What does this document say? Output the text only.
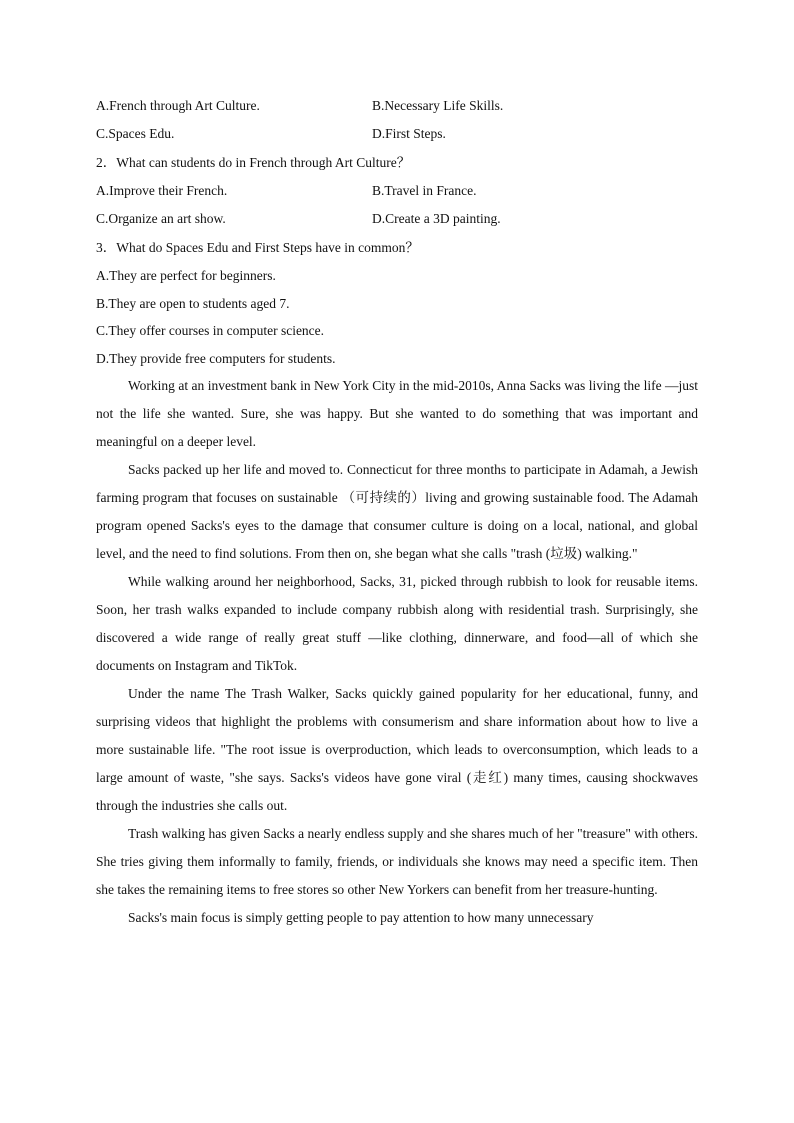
A.French through Art Culture.	B.Necessary Life Skills.
C.Spaces Edu.	D.First Steps.
2．What can students do in French through Art Culture？
A.Improve their French.	B.Travel in France.
C.Organize an art show.	D.Create a 3D painting.
3．What do Spaces Edu and First Steps have in common？
A.They are perfect for beginners.
B.They are open to students aged 7.
C.They offer courses in computer science.
D.They provide free computers for students.

Working at an investment bank in New York City in the mid-2010s, Anna Sacks was living the life —just not the life she wanted. Sure, she was happy. But she wanted to do something that was important and meaningful on a deeper level.

Sacks packed up her life and moved to. Connecticut for three months to participate in Adamah, a Jewish farming program that focuses on sustainable （可持续的）living and growing sustainable food. The Adamah program opened Sacks's eyes to the damage that consumer culture is doing on a local, national, and global level, and the need to find solutions. From then on, she began what she calls "trash (垃圾) walking."

While walking around her neighborhood, Sacks, 31, picked through rubbish to look for reusable items. Soon, her trash walks expanded to include company rubbish along with residential trash. Surprisingly, she discovered a wide range of really great stuff —like clothing, dinnerware, and food—all of which she documents on Instagram and TikTok.

Under the name The Trash Walker, Sacks quickly gained popularity for her educational, funny, and surprising videos that highlight the problems with consumerism and share information about how to live a more sustainable life. "The root issue is overproduction, which leads to overconsumption, which leads to a large amount of waste, "she says. Sacks's videos have gone viral (走红) many times, causing shockwaves through the industries she calls out.

Trash walking has given Sacks a nearly endless supply and she shares much of her "treasure" with others. She tries giving them informally to family, friends, or individuals she knows may need a specific item. Then she takes the remaining items to free stores so other New Yorkers can benefit from her treasure-hunting.

Sacks's main focus is simply getting people to pay attention to how many unnecessary
